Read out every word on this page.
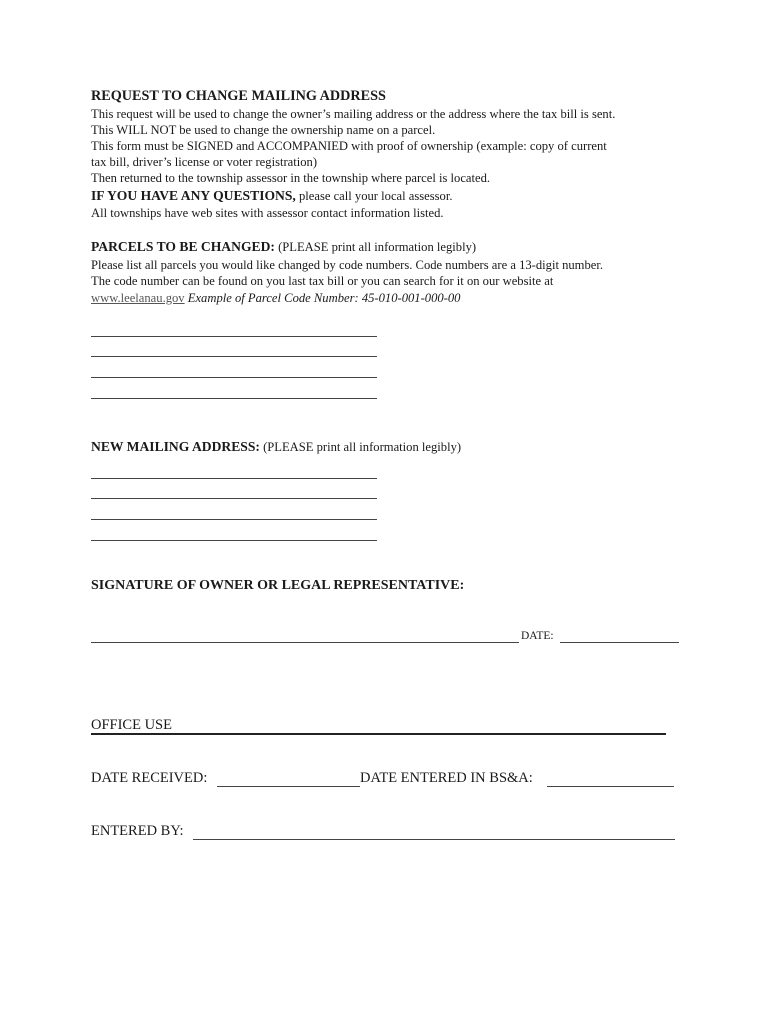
REQUEST TO CHANGE MAILING ADDRESS
This request will be used to change the owner’s mailing address or the address where the tax bill is sent.
This WILL NOT be used to change the ownership name on a parcel.
This form must be SIGNED and ACCOMPANIED with proof of ownership (example: copy of current
tax bill, driver’s license or voter registration)
Then returned to the township assessor in the township where parcel is located.
IF YOU HAVE ANY QUESTIONS, please call your local assessor.
All townships have web sites with assessor contact information listed.
PARCELS TO BE CHANGED: (PLEASE print all information legibly)
Please list all parcels you would like changed by code numbers. Code numbers are a 13-digit number.
The code number can be found on you last tax bill or you can search for it on our website at
www.leelanau.gov Example of Parcel Code Number: 45-010-001-000-00
NEW MAILING ADDRESS: (PLEASE print all information legibly)
SIGNATURE OF OWNER OR LEGAL REPRESENTATIVE:
DATE:
OFFICE USE
DATE RECEIVED:	DATE ENTERED IN BS&A:
ENTERED BY:
